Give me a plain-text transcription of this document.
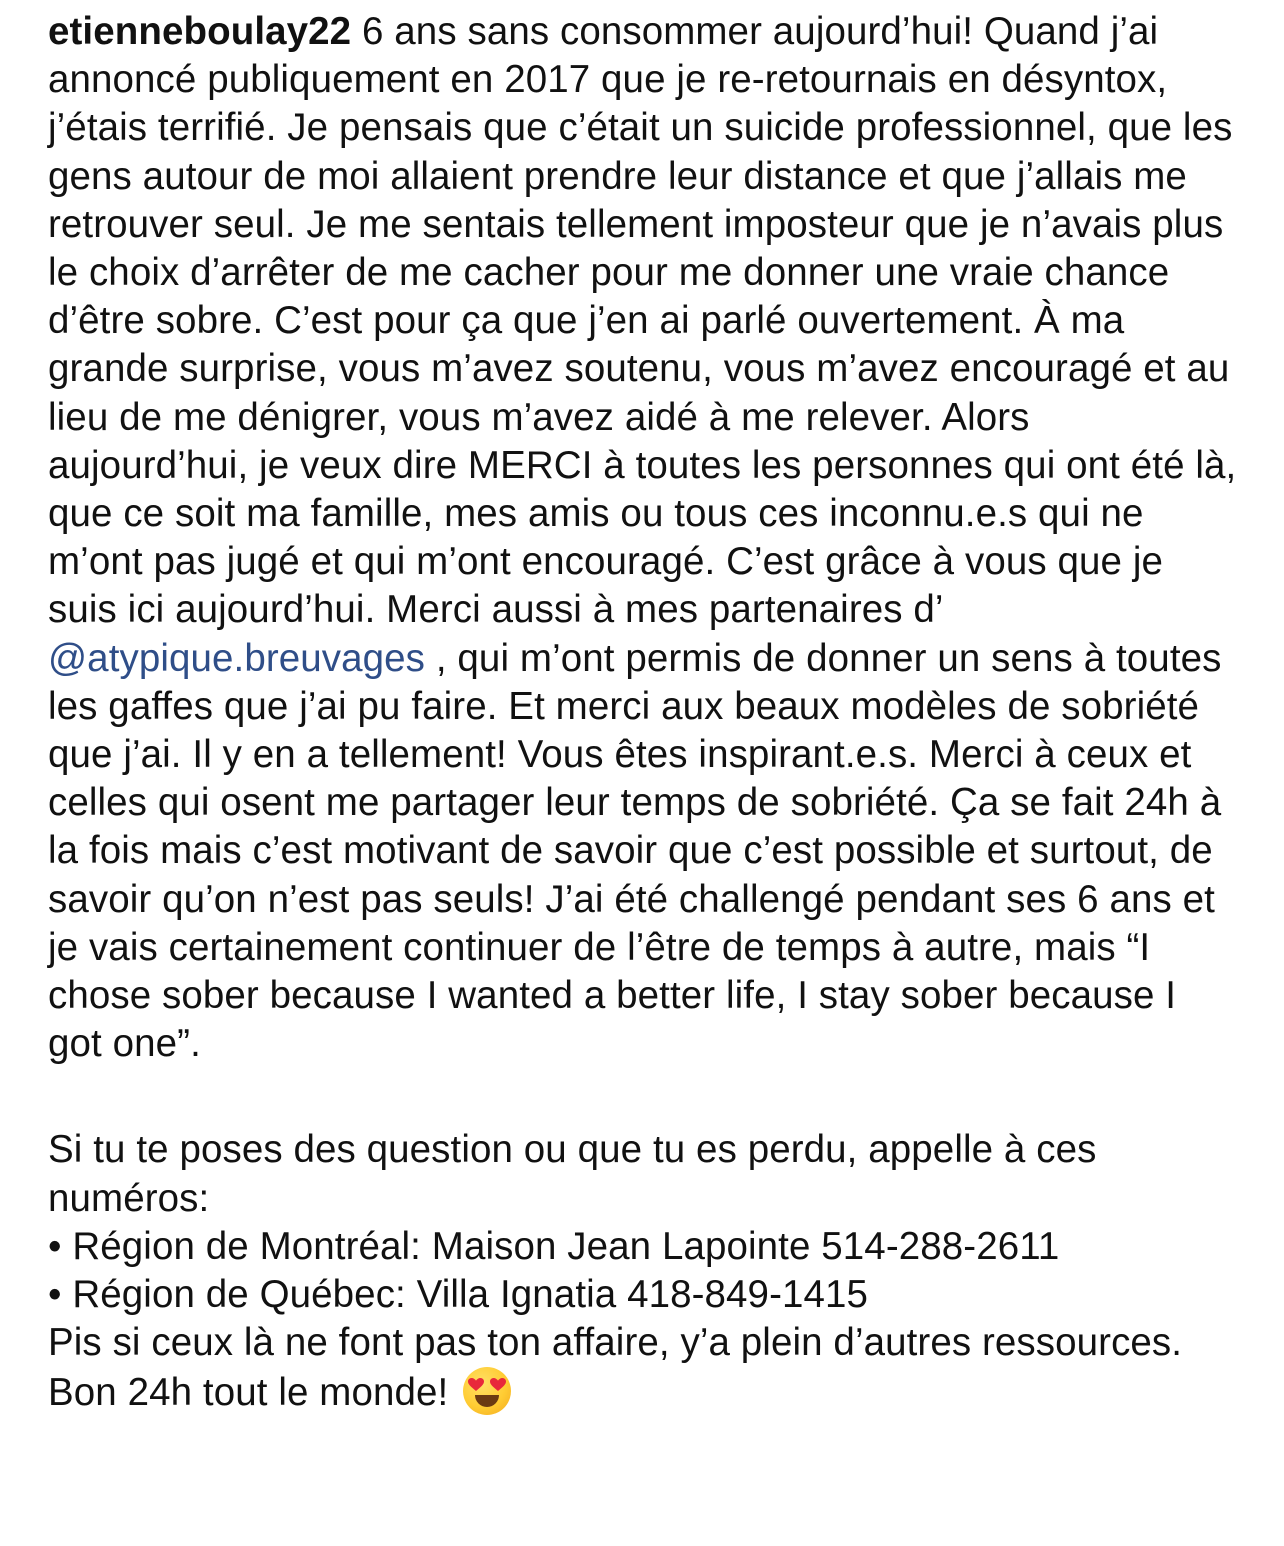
etienneboulay22 6 ans sans consommer aujourd’hui! Quand j’ai annoncé publiquement en 2017 que je re-retournais en désyntox, j’étais terrifié. Je pensais que c’était un suicide professionnel, que les gens autour de moi allaient prendre leur distance et que j’allais me retrouver seul. Je me sentais tellement imposteur que je n’avais plus le choix d’arrêter de me cacher pour me donner une vraie chance d’être sobre. C’est pour ça que j’en ai parlé ouvertement. À ma grande surprise, vous m’avez soutenu, vous m’avez encouragé et au lieu de me dénigrer, vous m’avez aidé à me relever. Alors aujourd’hui, je veux dire MERCI à toutes les personnes qui ont été là, que ce soit ma famille, mes amis ou tous ces inconnu.e.s qui ne m’ont pas jugé et qui m’ont encouragé. C’est grâce à vous que je suis ici aujourd’hui. Merci aussi à mes partenaires d’ @atypique.breuvages , qui m’ont permis de donner un sens à toutes les gaffes que j’ai pu faire. Et merci aux beaux modèles de sobriété que j’ai. Il y en a tellement! Vous êtes inspirant.e.s. Merci à ceux et celles qui osent me partager leur temps de sobriété. Ça se fait 24h à la fois mais c’est motivant de savoir que c’est possible et surtout, de savoir qu’on n’est pas seuls! J’ai été challengé pendant ses 6 ans et je vais certainement continuer de l’être de temps à autre, mais “I chose sober because I wanted a better life, I stay sober because I got one”.
Si tu te poses des question ou que tu es perdu, appelle à ces numéros:
• Région de Montréal: Maison Jean Lapointe 514-288-2611
• Région de Québec: Villa Ignatia 418-849-1415
Pis si ceux là ne font pas ton affaire, y’a plein d’autres ressources. Bon 24h tout le monde!
